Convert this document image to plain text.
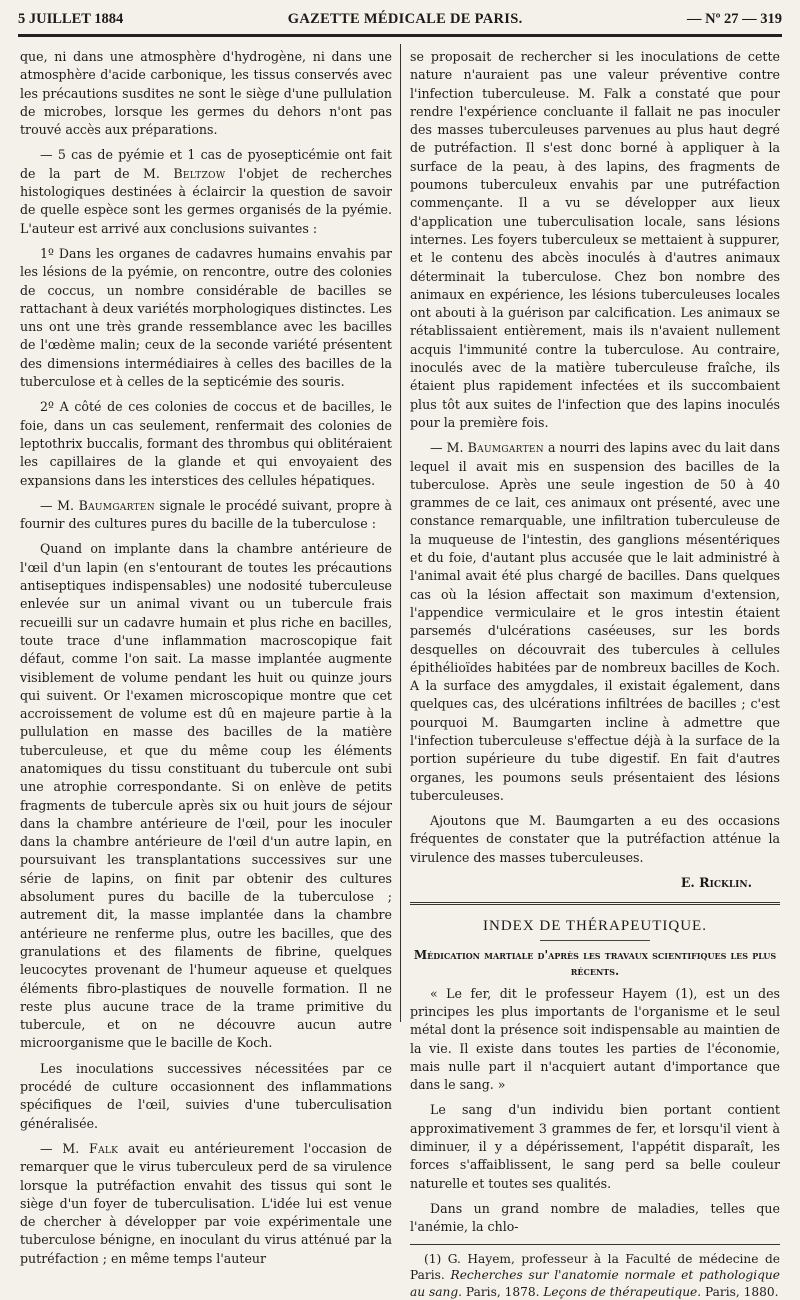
5 JUILLET 1884	GAZETTE MÉDICALE DE PARIS.	— Nº 27 — 319

que, ni dans une atmosphère d'hydrogène, ni dans une atmosphère d'acide carbonique, les tissus conservés avec les précautions susdites ne sont le siège d'une pullulation de microbes, lorsque les germes du dehors n'ont pas trouvé accès aux préparations.

— 5 cas de pyémie et 1 cas de pyosepticémie ont fait de la part de M. Beltzow l'objet de recherches histologiques destinées à éclaircir la question de savoir de quelle espèce sont les germes organisés de la pyémie. L'auteur est arrivé aux conclusions suivantes :

1º Dans les organes de cadavres humains envahis par les lésions de la pyémie, on rencontre, outre des colonies de coccus, un nombre considérable de bacilles se rattachant à deux variétés morphologiques distinctes. Les uns ont une très grande ressemblance avec les bacilles de l'œdème malin; ceux de la seconde variété présentent des dimensions intermédiaires à celles des bacilles de la tuberculose et à celles de la septicémie des souris.

2º A côté de ces colonies de coccus et de bacilles, le foie, dans un cas seulement, renfermait des colonies de leptothrix buccalis, formant des thrombus qui oblitéraient les capillaires de la glande et qui envoyaient des expansions dans les interstices des cellules hépatiques.

— M. Baumgarten signale le procédé suivant, propre à fournir des cultures pures du bacille de la tuberculose :

Quand on implante dans la chambre antérieure de l'œil d'un lapin (en s'entourant de toutes les précautions antiseptiques indispensables) une nodosité tuberculeuse enlevée sur un animal vivant ou un tubercule frais recueilli sur un cadavre humain et plus riche en bacilles, toute trace d'une inflammation macroscopique fait défaut, comme l'on sait. La masse implantée augmente visiblement de volume pendant les huit ou quinze jours qui suivent. Or l'examen microscopique montre que cet accroissement de volume est dû en majeure partie à la pullulation en masse des bacilles de la matière tuberculeuse, et que du même coup les éléments anatomiques du tissu constituant du tubercule ont subi une atrophie correspondante. Si on enlève de petits fragments de tubercule après six ou huit jours de séjour dans la chambre antérieure de l'œil, pour les inoculer dans la chambre antérieure de l'œil d'un autre lapin, en poursuivant les transplantations successives sur une série de lapins, on finit par obtenir des cultures absolument pures du bacille de la tuberculose ; autrement dit, la masse implantée dans la chambre antérieure ne renferme plus, outre les bacilles, que des granulations et des filaments de fibrine, quelques leucocytes provenant de l'humeur aqueuse et quelques éléments fibro-plastiques de nouvelle formation. Il ne reste plus aucune trace de la trame primitive du tubercule, et on ne découvre aucun autre microorganisme que le bacille de Koch.

Les inoculations successives nécessitées par ce procédé de culture occasionnent des inflammations spécifiques de l'œil, suivies d'une tuberculisation généralisée.

— M. Falk avait eu antérieurement l'occasion de remarquer que le virus tuberculeux perd de sa virulence lorsque la putréfaction envahit des tissus qui sont le siège d'un foyer de tuberculisation. L'idée lui est venue de chercher à développer par voie expérimentale une tuberculose bénigne, en inoculant du virus atténué par la putréfaction ; en même temps l'auteur

se proposait de rechercher si les inoculations de cette nature n'auraient pas une valeur préventive contre l'infection tuberculeuse. M. Falk a constaté que pour rendre l'expérience concluante il fallait ne pas inoculer des masses tuberculeuses parvenues au plus haut degré de putréfaction. Il s'est donc borné à appliquer à la surface de la peau, à des lapins, des fragments de poumons tuberculeux envahis par une putréfaction commençante. Il a vu se développer aux lieux d'application une tuberculisation locale, sans lésions internes. Les foyers tuberculeux se mettaient à suppurer, et le contenu des abcès inoculés à d'autres animaux déterminait la tuberculose. Chez bon nombre des animaux en expérience, les lésions tuberculeuses locales ont abouti à la guérison par calcification. Les animaux se rétablissaient entièrement, mais ils n'avaient nullement acquis l'immunité contre la tuberculose. Au contraire, inoculés avec de la matière tuberculeuse fraîche, ils étaient plus rapidement infectées et ils succombaient plus tôt aux suites de l'infection que des lapins inoculés pour la première fois.

— M. Baumgarten a nourri des lapins avec du lait dans lequel il avait mis en suspension des bacilles de la tuberculose. Après une seule ingestion de 50 à 40 grammes de ce lait, ces animaux ont présenté, avec une constance remarquable, une infiltration tuberculeuse de la muqueuse de l'intestin, des ganglions mésentériques et du foie, d'autant plus accusée que le lait administré à l'animal avait été plus chargé de bacilles. Dans quelques cas où la lésion affectait son maximum d'extension, l'appendice vermiculaire et le gros intestin étaient parsemés d'ulcérations caséeuses, sur les bords desquelles on découvrait des tubercules à cellules épithélioïdes habitées par de nombreux bacilles de Koch. A la surface des amygdales, il existait également, dans quelques cas, des ulcérations infiltrées de bacilles ; c'est pourquoi M. Baumgarten incline à admettre que l'infection tuberculeuse s'effectue déjà à la surface de la portion supérieure du tube digestif. En fait d'autres organes, les poumons seuls présentaient des lésions tuberculeuses.

Ajoutons que M. Baumgarten a eu des occasions fréquentes de constater que la putréfaction atténue la virulence des masses tuberculeuses.

E. Ricklin.
INDEX DE THÉRAPEUTIQUE.
Médication martiale d'après les travaux scientifiques les plus récents.

« Le fer, dit le professeur Hayem (1), est un des principes les plus importants de l'organisme et le seul métal dont la présence soit indispensable au maintien de la vie. Il existe dans toutes les parties de l'économie, mais nulle part il n'acquiert autant d'importance que dans le sang. »

Le sang d'un individu bien portant contient approximativement 3 grammes de fer, et lorsqu'il vient à diminuer, il y a dépérissement, l'appétit disparaît, les forces s'affaiblissent, le sang perd sa belle couleur naturelle et toutes ses qualités.

Dans un grand nombre de maladies, telles que l'anémie, la chlo-

(1) G. Hayem, professeur à la Faculté de médecine de Paris. Recherches sur l'anatomie normale et pathologique au sang. Paris, 1878. Leçons de thérapeutique. Paris, 1880.
